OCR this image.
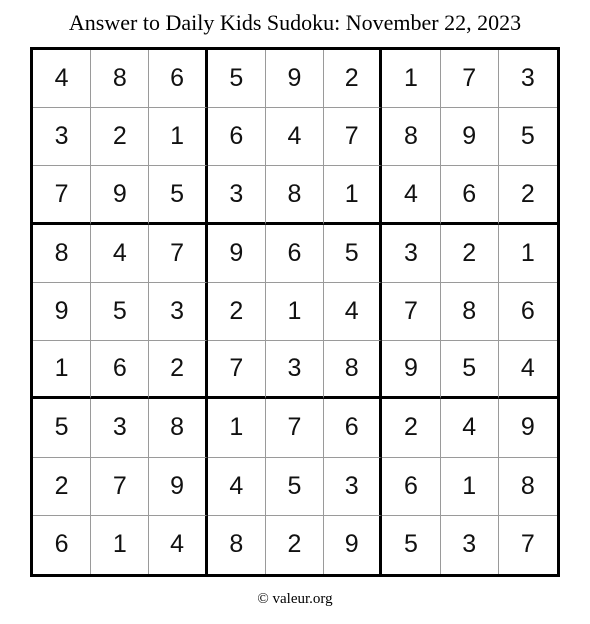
Answer to Daily Kids Sudoku: November 22, 2023
4	8	6	5	9	2	1	7	3
3	2	1	6	4	7	8	9	5
7	9	5	3	8	1	4	6	2
8	4	7	9	6	5	3	2	1
9	5	3	2	1	4	7	8	6
1	6	2	7	3	8	9	5	4
5	3	8	1	7	6	2	4	9
2	7	9	4	5	3	6	1	8
6	1	4	8	2	9	5	3	7
© valeur.org
